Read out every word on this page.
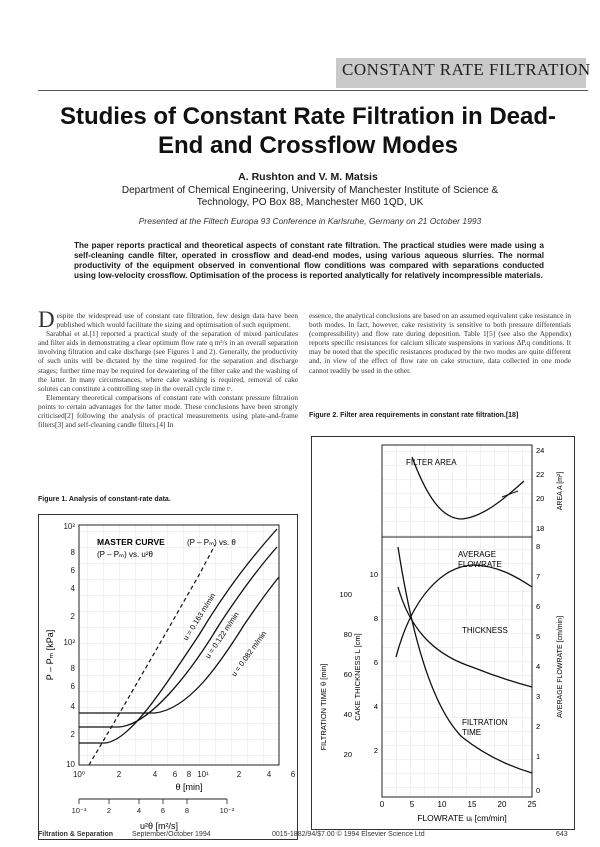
CONSTANT RATE FILTRATION
Studies of Constant Rate Filtration in Dead-End and Crossflow Modes
A. Rushton and V. M. Matsis
Department of Chemical Engineering, University of Manchester Institute of Science & Technology, PO Box 88, Manchester M60 1QD, UK
Presented at the Filtech Europa 93 Conference in Karlsruhe, Germany on 21 October 1993
The paper reports practical and theoretical aspects of constant rate filtration. The practical studies were made using a self-cleaning candle filter, operated in crossflow and dead-end modes, using various aqueous slurries. The normal productivity of the equipment observed in conventional flow conditions was compared with separations conducted using low-velocity crossflow. Optimisation of the process is reported analytically for relatively incompressible materials.
D espite the widespread use of constant rate filtration, few design data have been published which would facilitate the sizing and optimisation of such equipment.
Sarabhai et al.[1] reported a practical study of the separation of mixed particulates and filter aids in demonstrating a clear optimum flow rate q m³/s in an overall separation involving filtration and cake discharge (see Figures 1 and 2). Generally, the productivity of such units will be dictated by the time required for the separation and discharge stages; further time may be required for dewatering of the filter cake and the washing of the latter. In many circumstances, where cake washing is required, removal of cake solutes can constitute a controlling step in the overall cycle time tᶜ.
Elementary theoretical comparisons of constant rate with constant pressure filtration points to certain advantages for the latter mode. These conclusions have been strongly criticised[2] following the analysis of practical measurements using plate-and-frame filters[3] and self-cleaning candle filters.[4] In
essence, the analytical conclusions are based on an assumed equivalent cake resistance in both modes. In fact, however, cake resistivity is sensitive to both pressure differentials (compressibility) and flow rate during deposition. Table 1[5] (see also the Appendix) reports specific resistances for calcium silicate suspensions in various ΔP,q conditions. It may be noted that the specific resistances produced by the two modes are quite different and, in view of the effect of flow rate on cake structure, data collected in one mode cannot readily be used in the other.
Figure 1. Analysis of constant-rate data.
Figure 2. Filter area requirements in constant rate filtration.[18]
10²
8
6
4
2
10²
8
6
4
2
10
P – Pₘ [kPa]
10⁰	2	4 6 8 10¹	2	4 6
θ [min]
10⁻³	2	4	6	8	10⁻²
u²θ [m²/s]
MASTER CURVE
(P – Pₘ) vs. u²θ
(P – Pₘ) vs. θ
u = 0.163 m/min
u = 0.122 m/min
u = 0.082 m/min
FILTER AREA
AVERAGE
FLOWRATE
THICKNESS
FILTRATION
TIME
0	5	10	15	20	25
FLOWRATE uᵢ [cm/min]
100
80
60
40
20
10
8
6
4
2
FILTRATION TIME θ [min]	CAKE THICKNESS L [cm]
24
22
20
18
8
7
6
5
4
3
2
1
0
AREA A [m²]
AVERAGE FLOWRATE [cm/min]
Filtration & Separation	September/October 1994	0015-1882/94/$7.00 © 1994 Elsevier Science Ltd	643
